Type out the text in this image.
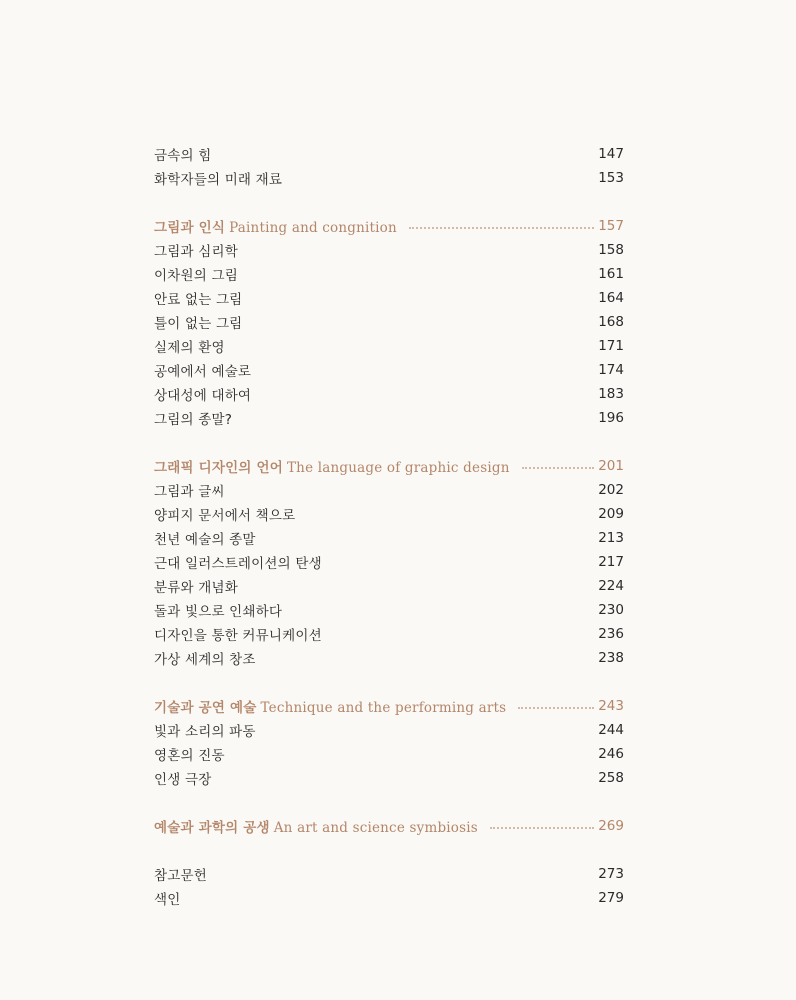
금속의 힘	147
화학자들의 미래 재료	153
그림과 인식 Painting and congnition	157
그림과 심리학	158
이차원의 그림	161
안료 없는 그림	164
틀이 없는 그림	168
실제의 환영	171
공예에서 예술로	174
상대성에 대하여	183
그림의 종말?	196
그래픽 디자인의 언어 The language of graphic design	201
그림과 글씨	202
양피지 문서에서 책으로	209
천년 예술의 종말	213
근대 일러스트레이션의 탄생	217
분류와 개념화	224
돌과 빛으로 인쇄하다	230
디자인을 통한 커뮤니케이션	236
가상 세계의 창조	238
기술과 공연 예술 Technique and the performing arts	243
빛과 소리의 파동	244
영혼의 진동	246
인생 극장	258
예술과 과학의 공생 An art and science symbiosis	269
참고문헌	273
색인	279
